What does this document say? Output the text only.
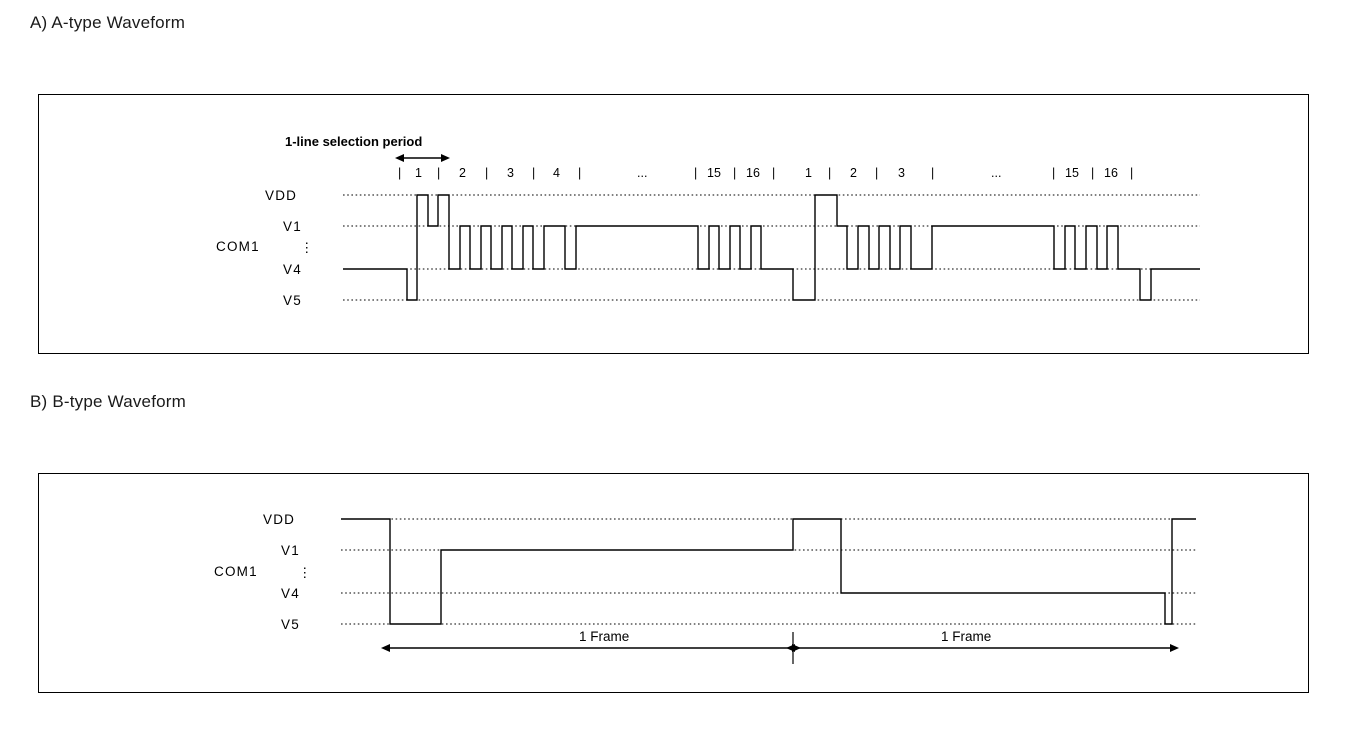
A) A-type Waveform
B) B-type Waveform
1-line selection period
| 1 | 2 | 3 | 4 |	...	| 15 | 16 | 1 | 2 | 3 |	...	| 15 | 16 |
VDD
V1
V4
V5
COM1	⋮
VDD
V1
V4
V5
COM1	⋮
1 Frame	1 Frame
